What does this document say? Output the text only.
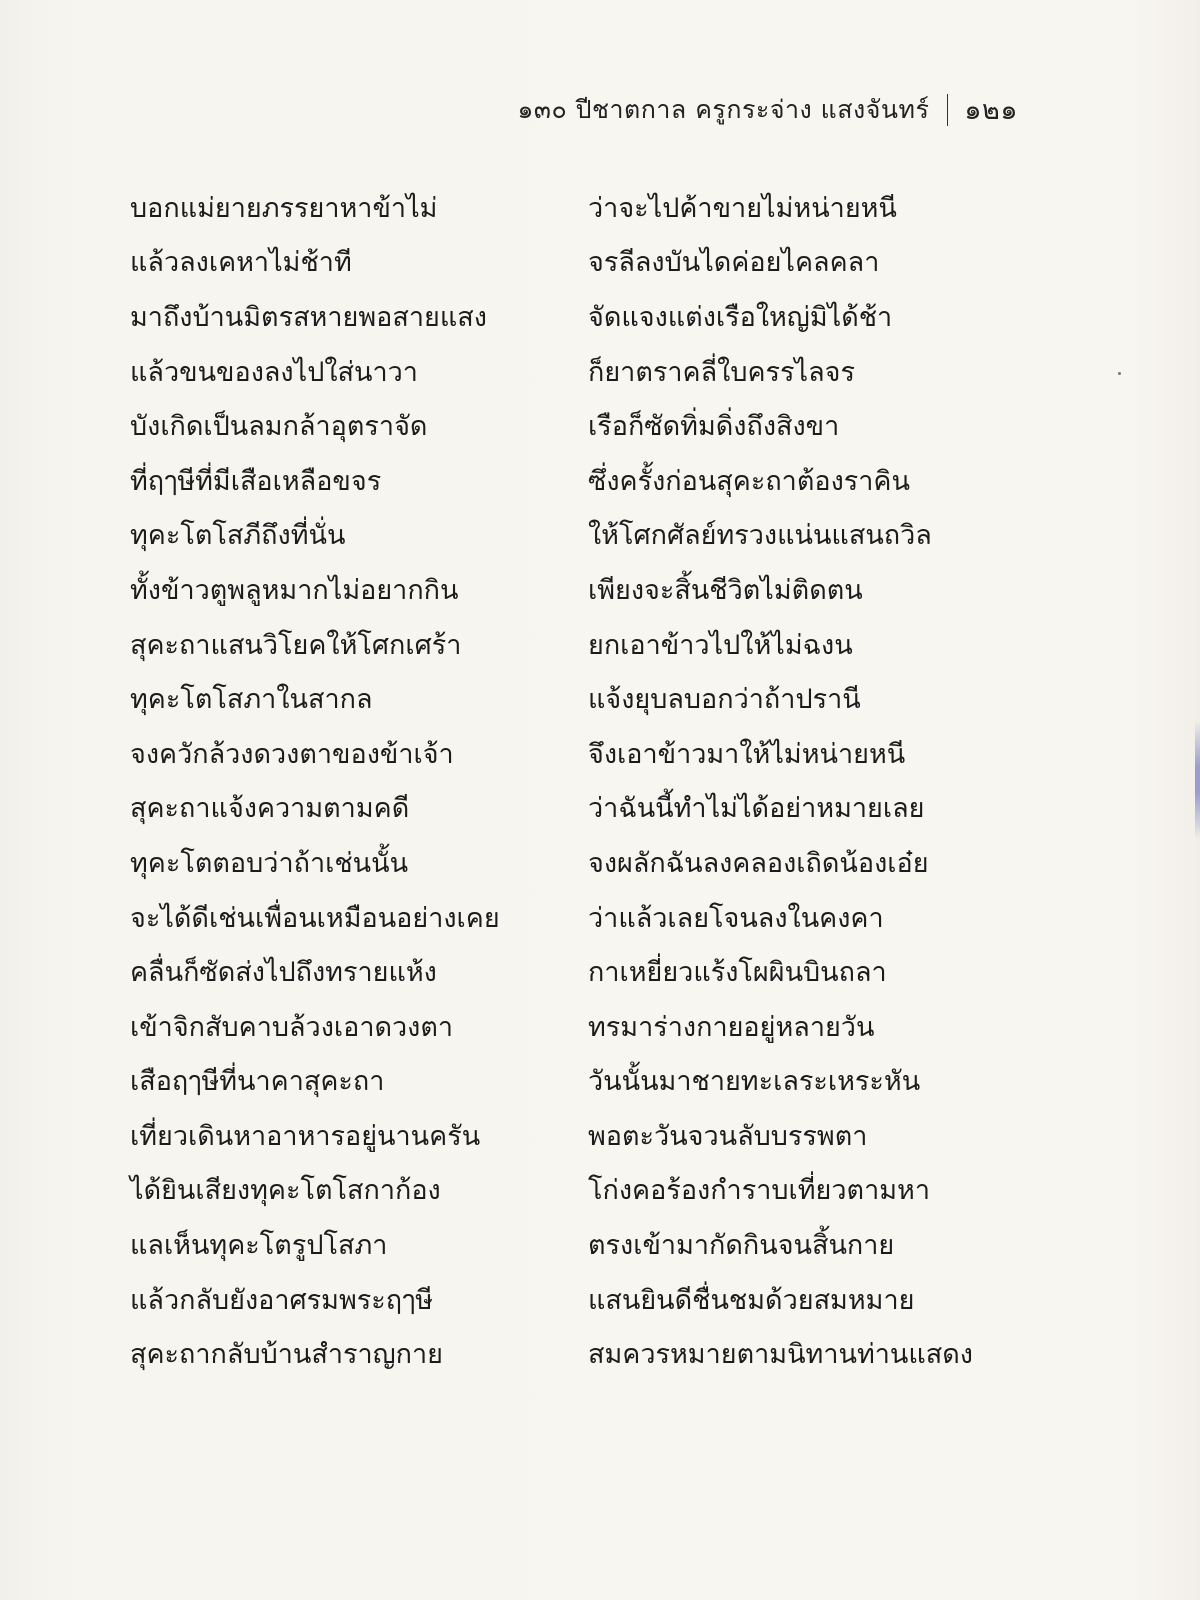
๑๓๐ ปีชาตกาล ครูกระจ่าง แสงจันทร์ ๑๒๑
บอกแม่ยายภรรยาหาข้าไม่	ว่าจะไปค้าขายไม่หน่ายหนี
แล้วลงเคหาไม่ช้าที	จรลีลงบันไดค่อยไคลคลา
มาถึงบ้านมิตรสหายพอสายแสง	จัดแจงแต่งเรือใหญ่มิได้ช้า
แล้วขนของลงไปใส่นาวา	ก็ยาตราคลี่ใบครรไลจร
บังเกิดเป็นลมกล้าอุตราจัด	เรือก็ซัดทิ่มดิ่งถึงสิงขา
ที่ฤๅษีที่มีเสือเหลือขจร	ซึ่งครั้งก่อนสุคะถาต้องราคิน
ทุคะโตโสภีถึงที่นั่น	ให้โศกศัลย์ทรวงแน่นแสนถวิล
ทั้งข้าวตูพลูหมากไม่อยากกิน	เพียงจะสิ้นชีวิตไม่ติดตน
สุคะถาแสนวิโยคให้โศกเศร้า	ยกเอาข้าวไปให้ไม่ฉงน
ทุคะโตโสภาในสากล	แจ้งยุบลบอกว่าถ้าปรานี
จงควักล้วงดวงตาของข้าเจ้า	จึงเอาข้าวมาให้ไม่หน่ายหนี
สุคะถาแจ้งความตามคดี	ว่าฉันนี้ทำไม่ได้อย่าหมายเลย
ทุคะโตตอบว่าถ้าเช่นนั้น	จงผลักฉันลงคลองเถิดน้องเอ๋ย
จะได้ดีเช่นเพื่อนเหมือนอย่างเคย	ว่าแล้วเลยโจนลงในคงคา
คลื่นก็ซัดส่งไปถึงทรายแห้ง	กาเหยี่ยวแร้งโผผินบินถลา
เข้าจิกสับคาบล้วงเอาดวงตา	ทรมาร่างกายอยู่หลายวัน
เสือฤๅษีที่นาคาสุคะถา	วันนั้นมาชายทะเลระเหระหัน
เที่ยวเดินหาอาหารอยู่นานครัน	พอตะวันจวนลับบรรพตา
ได้ยินเสียงทุคะโตโสกาก้อง	โก่งคอร้องกำราบเที่ยวตามหา
แลเห็นทุคะโตรูปโสภา	ตรงเข้ามากัดกินจนสิ้นกาย
แล้วกลับยังอาศรมพระฤๅษี	แสนยินดีชื่นชมด้วยสมหมาย
สุคะถากลับบ้านสำราญกาย	สมควรหมายตามนิทานท่านแสดง
